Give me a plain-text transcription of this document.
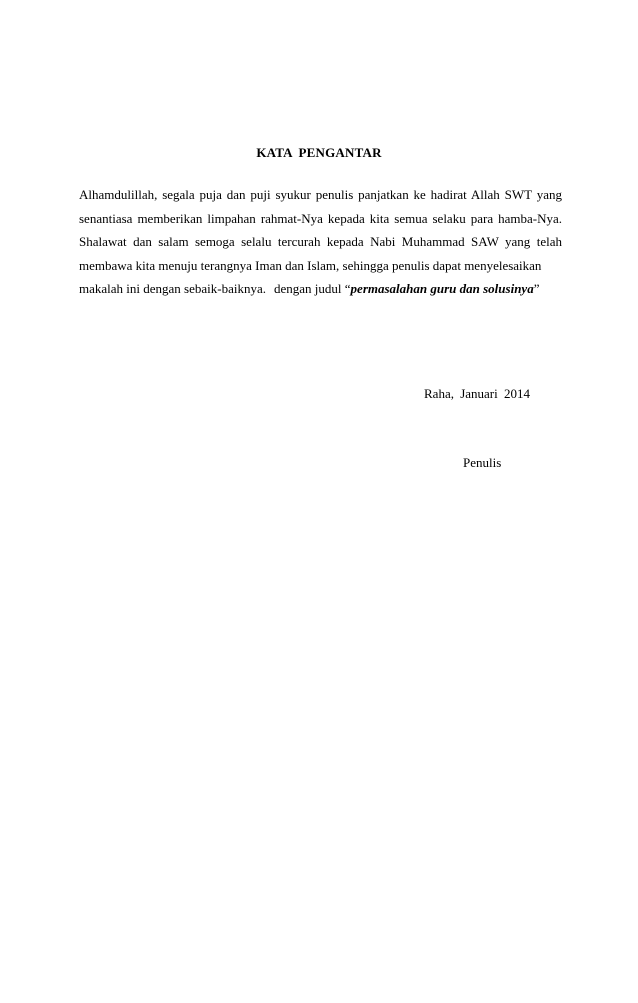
KATA PENGANTAR
Alhamdulillah, segala puja dan puji syukur penulis panjatkan ke hadirat Allah SWT yang
senantiasa memberikan limpahan rahmat-Nya kepada kita semua selaku para hamba-Nya.
Shalawat dan salam semoga selalu tercurah kepada Nabi Muhammad SAW yang telah
membawa kita menuju terangnya Iman dan Islam, sehingga penulis dapat menyelesaikan
makalah ini dengan sebaik-baiknya. dengan judul “permasalahan guru dan solusinya”
Raha, Januari 2014
Penulis
